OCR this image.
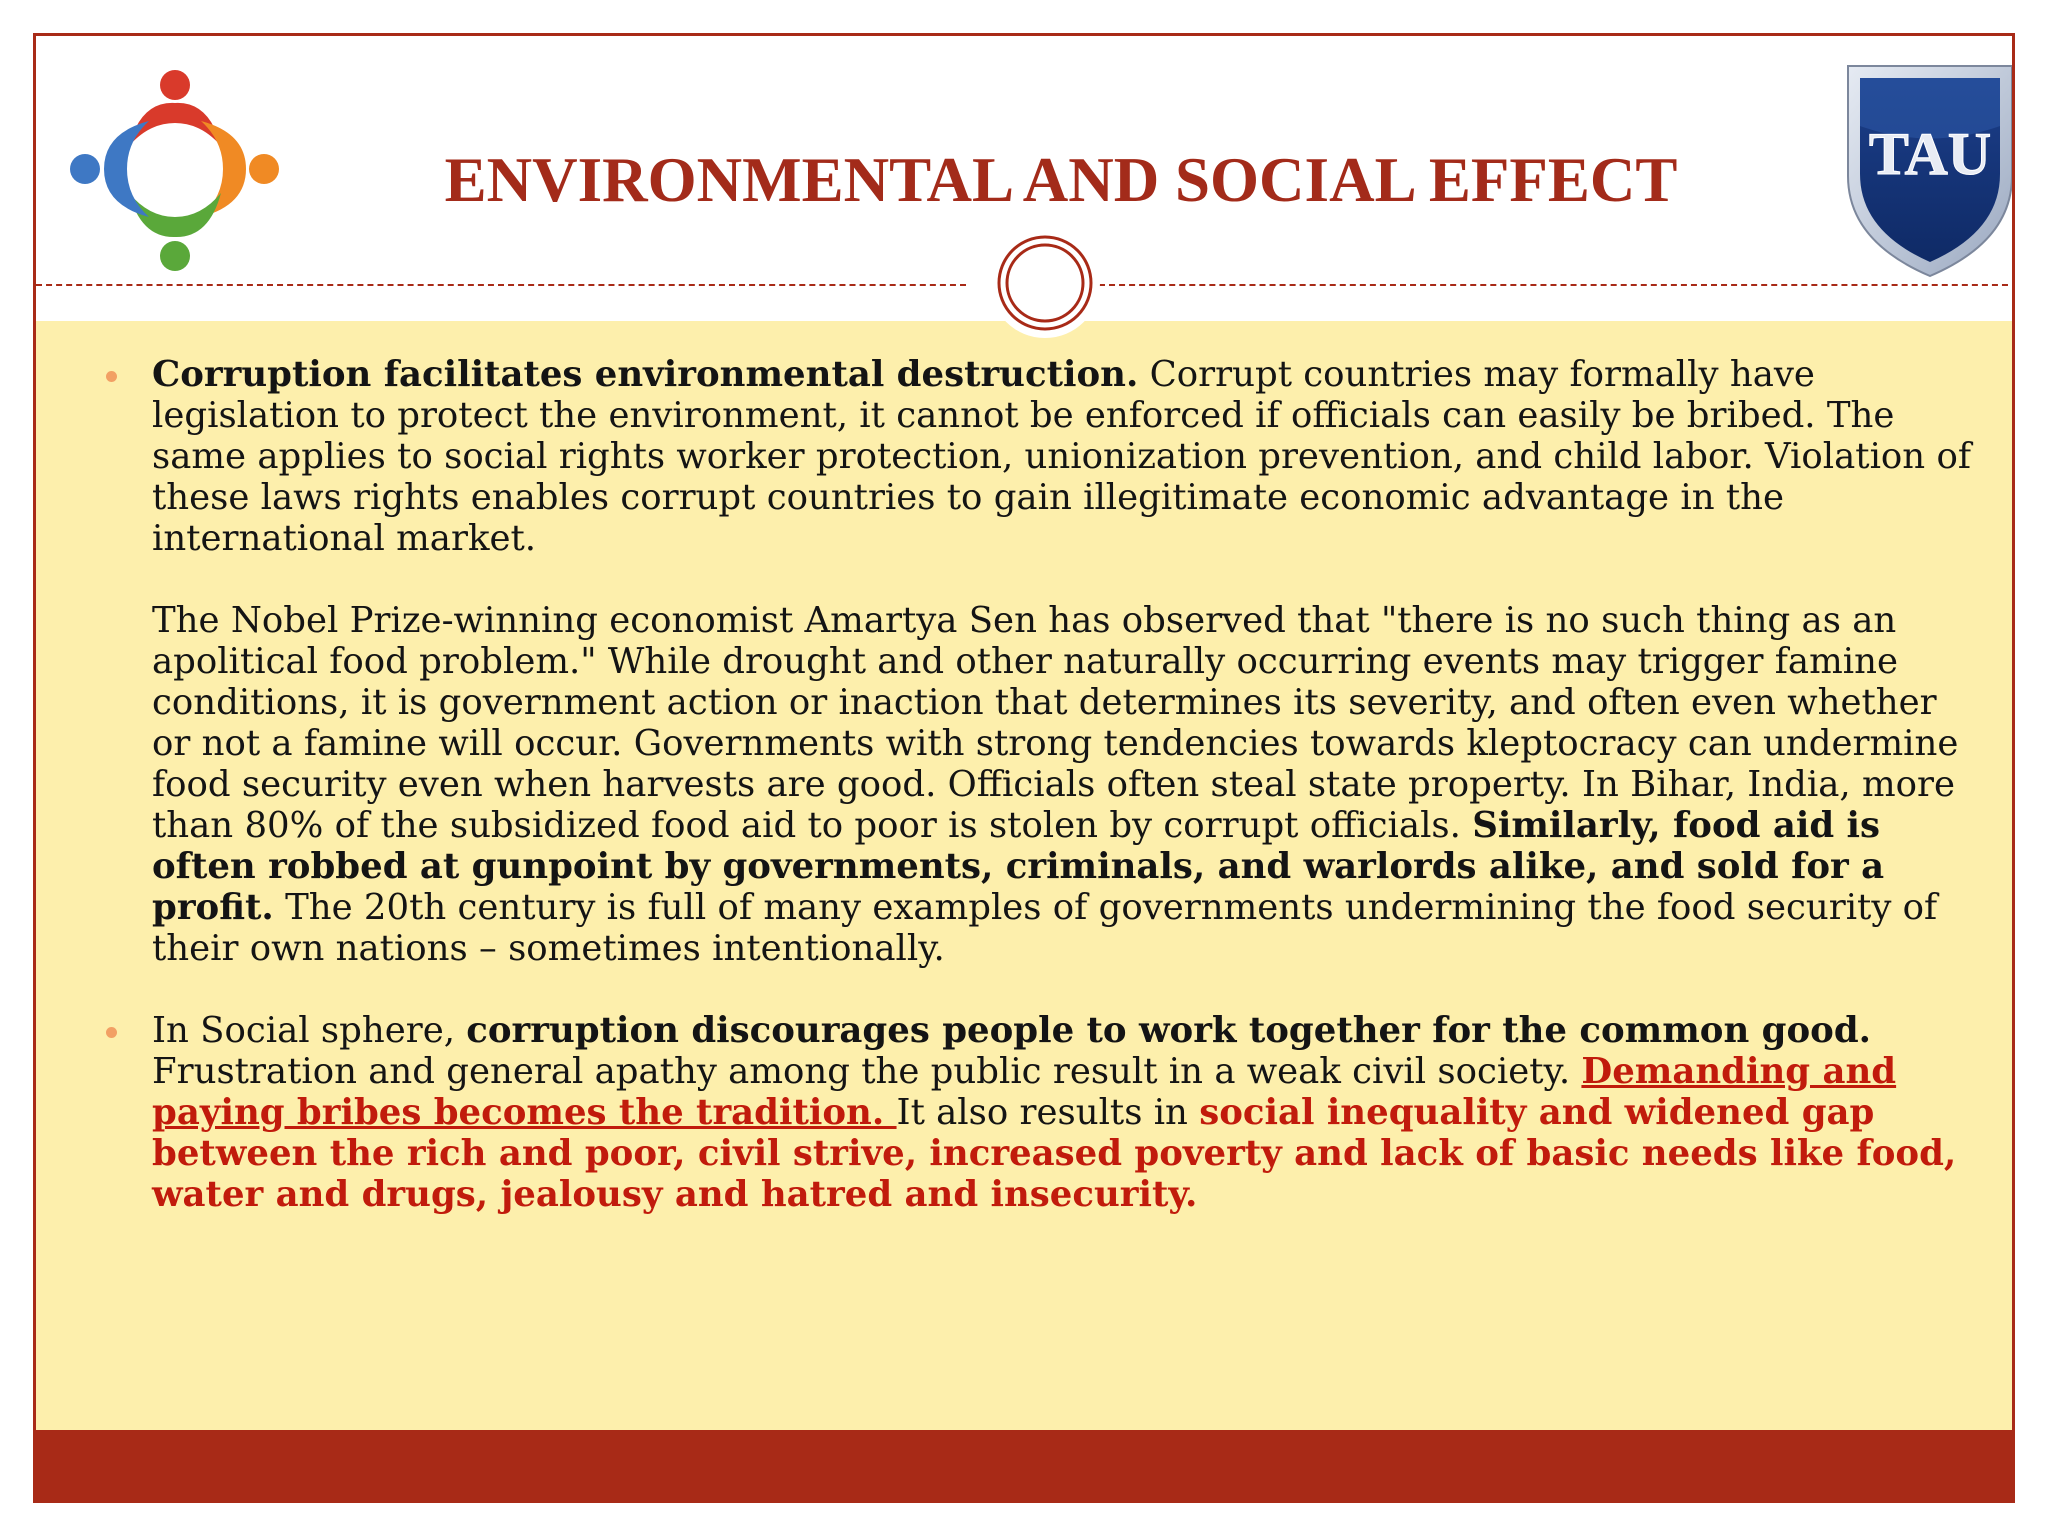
ENVIRONMENTAL AND SOCIAL EFFECT	TAU

Corruption facilitates environmental destruction. Corrupt countries may formally have legislation to protect the environment, it cannot be enforced if officials can easily be bribed. The same applies to social rights worker protection, unionization prevention, and child labor. Violation of these laws rights enables corrupt countries to gain illegitimate economic advantage in the international market.

The Nobel Prize-winning economist Amartya Sen has observed that "there is no such thing as an apolitical food problem." While drought and other naturally occurring events may trigger famine conditions, it is government action or inaction that determines its severity, and often even whether or not a famine will occur. Governments with strong tendencies towards kleptocracy can undermine food security even when harvests are good. Officials often steal state property. In Bihar, India, more than 80% of the subsidized food aid to poor is stolen by corrupt officials. Similarly, food aid is often robbed at gunpoint by governments, criminals, and warlords alike, and sold for a profit. The 20th century is full of many examples of governments undermining the food security of their own nations – sometimes intentionally.

In Social sphere, corruption discourages people to work together for the common good. Frustration and general apathy among the public result in a weak civil society. Demanding and paying bribes becomes the tradition. It also results in social inequality and widened gap between the rich and poor, civil strive, increased poverty and lack of basic needs like food, water and drugs, jealousy and hatred and insecurity.
